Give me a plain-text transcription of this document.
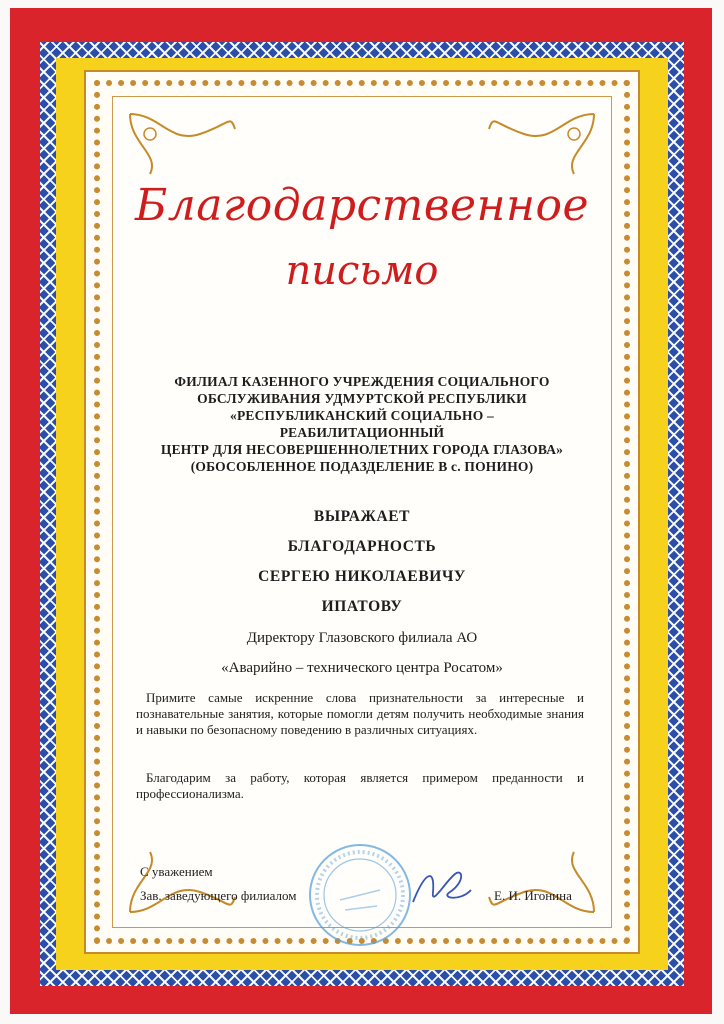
Благодарственное
письмо
ФИЛИАЛ КАЗЕННОГО УЧРЕЖДЕНИЯ СОЦИАЛЬНОГО
ОБСЛУЖИВАНИЯ УДМУРТСКОЙ РЕСПУБЛИКИ
«РЕСПУБЛИКАНСКИЙ СОЦИАЛЬНО –
РЕАБИЛИТАЦИОННЫЙ
ЦЕНТР ДЛЯ НЕСОВЕРШЕННОЛЕТНИХ ГОРОДА ГЛАЗОВА»
(ОБОСОБЛЕННОЕ ПОДАЗДЕЛЕНИЕ В с. ПОНИНО)
ВЫРАЖАЕТ
БЛАГОДАРНОСТЬ
СЕРГЕЮ НИКОЛАЕВИЧУ
ИПАТОВУ
Директору Глазовского филиала АО
«Аварийно – технического центра Росатом»

Примите самые искренние слова признательности за интересные и познавательные занятия, которые помогли детям получить необходимые знания и навыки по безопасному поведению в различных ситуациях.

Благодарим за работу, которая является примером преданности и профессионализма.

С уважением

Зав. заведующего филиалом	Е. И. Игонина
